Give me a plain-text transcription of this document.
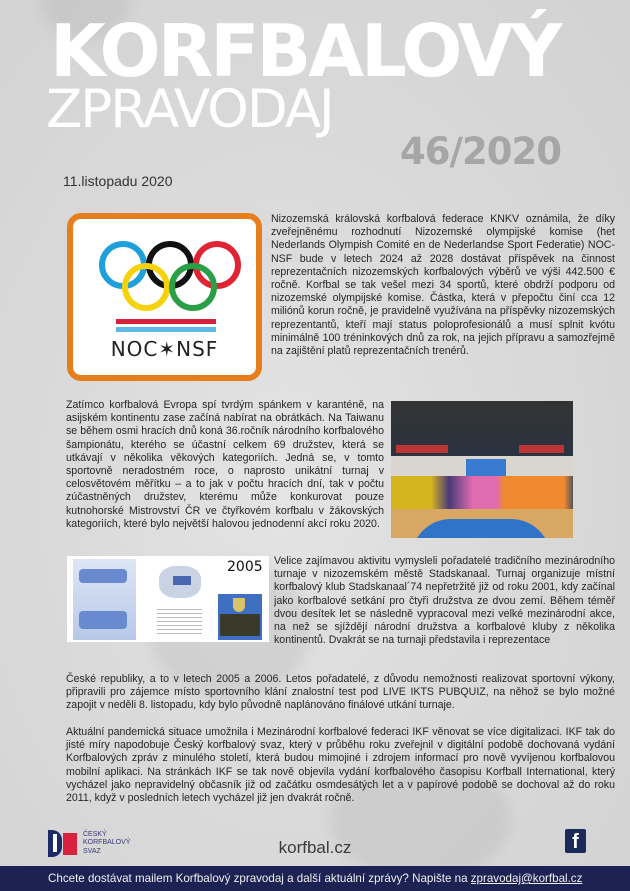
KORFBALOVÝ
ZPRAVODAJ
46/2020
11.listopadu 2020
NOC✶NSF
Nizozemská královská korfbalová federace KNKV oznámila, že díky zveřejněnému rozhodnutí Nizozemské olympijské komise (het Nederlands Olympish Comité en de Nederlandse Sport Federatie) NOC-NSF bude v letech 2024 až 2028 dostávat příspěvek na činnost reprezentačních nizozemských korfbalových výběrů ve výši 442.500 € ročně. Korfbal se tak vešel mezi 34 sportů, které obdrží podporu od nizozemské olympijské komise. Částka, která v přepočtu činí cca 12 miliónů korun ročně, je pravidelně využívána na příspěvky nizozemských reprezentantů, kteří mají status poloprofesionálů a musí splnit kvótu minimálně 100 tréninkových dnů za rok, na jejich přípravu a samozřejmě na zajištění platů reprezentačních trenérů.
Zatímco korfbalová Evropa spí tvrdým spánkem v karanténě, na asijském kontinentu zase začíná nabírat na obrátkách. Na Taiwanu se během osmi hracích dnů koná 36.ročník národního korfbalového šampionátu, kterého se účastní celkem 69 družstev, která se utkávají v několika věkových kategoriích. Jedná se, v tomto sportovně neradostném roce, o naprosto unikátní turnaj v celosvětovém měřítku – a to jak v počtu hracích dní, tak v počtu zúčastněných družstev, kterému může konkurovat pouze kutnohorské Mistrovství ČR ve čtyřkovém korfbalu v žákovských kategoriích, které bylo největší halovou jednodenní akcí roku 2020.
2005 Velice zajímavou aktivitu vymysleli pořadatelé tradičního mezinárodního turnaje v nizozemském městě Stadskanaal. Turnaj organizuje místní korfbalový klub Stadskanaal´74 nepřetržitě již od roku 2001, kdy začínal jako korfbalové setkání pro čtyři družstva ze dvou zemí. Během téměř dvou desítek let se následně vypracoval mezi velké mezinárodní akce, na než se sjíždějí národní družstva a korfbalové kluby z několika kontinentů. Dvakrát se na turnaji představila i reprezentace
České republiky, a to v letech 2005 a 2006. Letos pořadatelé, z důvodu nemožnosti realizovat sportovní výkony, připravili pro zájemce místo sportovního klání znalostní test pod LIVE IKTS PUBQUIZ, na něhož se bylo možné zapojit v neděli 8. listopadu, kdy bylo původně naplánováno finálové utkání turnaje.
Aktuální pandemická situace umožnila i Mezinárodní korfbalové federaci IKF věnovat se více digitalizaci. IKF tak do jisté míry napodobuje Český korfbalový svaz, který v průběhu roku zveřejnil v digitální podobě dochovaná vydání Korfbalových zpráv z minulého století, která budou mimojiné i zdrojem informací pro nově vyvíjenou korfbalovou mobilní aplikaci. Na stránkách IKF se tak nově objevila vydání korfbalového časopisu Korfball International, který vycházel jako nepravidelný občasník již od začátku osmdesátých let a v papírové podobě se dochoval až do roku 2011, když v posledních letech vycházel již jen dvakrát ročně.
ČESKÝ
KORFBALOVÝ
SVAZ	korfbal.cz	f
Chcete dostávat mailem Korfbalový zpravodaj a další aktuální zprávy? Napište na zpravodaj@korfbal.cz
